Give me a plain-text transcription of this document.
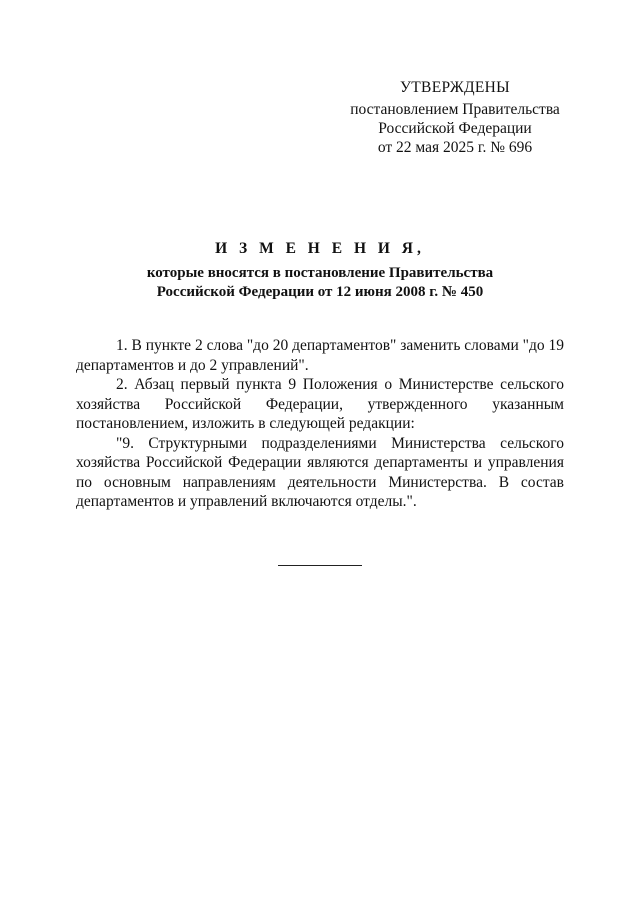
УТВЕРЖДЕНЫ
постановлением Правительства
Российской Федерации
от 22 мая 2025 г. № 696
И З М Е Н Е Н И Я,
которые вносятся в постановление Правительства
Российской Федерации от 12 июня 2008 г. № 450

1. В пункте 2 слова "до 20 департаментов" заменить словами "до 19 департаментов и до 2 управлений".

2. Абзац первый пункта 9 Положения о Министерстве сельского хозяйства Российской Федерации, утвержденного указанным постановлением, изложить в следующей редакции:

"9. Структурными подразделениями Министерства сельского хозяйства Российской Федерации являются департаменты и управления по основным направлениям деятельности Министерства. В состав департаментов и управлений включаются отделы.".
